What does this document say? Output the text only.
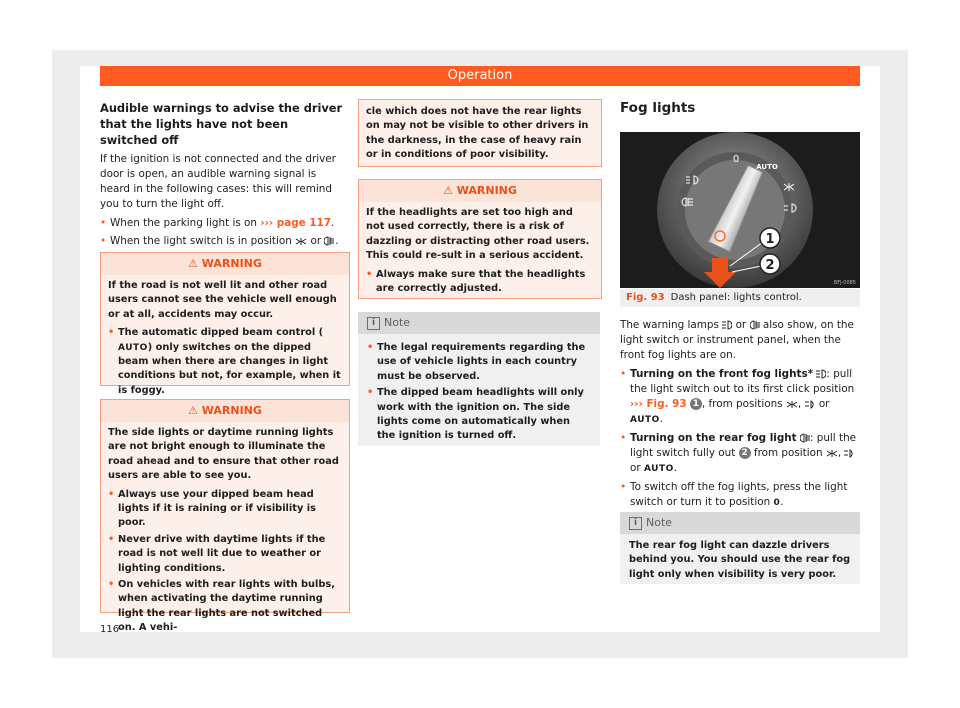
Operation
Audible warnings to advise the driver that the lights have not been switched off

If the ignition is not connected and the driver door is open, an audible warning signal is heard in the following cases: this will remind you to turn the light off.

• When the parking light is on ››› page 117.
• When the light switch is in position or .
⚠ WARNING

If the road is not well lit and other road users cannot see the vehicle well enough or at all, accidents may occur.

• The automatic dipped beam control (AUTO) only switches on the dipped beam when there are changes in light conditions but not, for example, when it is foggy.
⚠ WARNING

The side lights or daytime running lights are not bright enough to illuminate the road ahead and to ensure that other road users are able to see you.

• Always use your dipped beam head lights if it is raining or if visibility is poor.
• Never drive with daytime lights if the road is not well lit due to weather or lighting conditions.
• On vehicles with rear lights with bulbs, when activating the daytime running light the rear lights are not switched on. A vehi-

cle which does not have the rear lights on may not be visible to other drivers in the darkness, in the case of heavy rain or in conditions of poor visibility.

⚠ WARNING

If the headlights are set too high and not used correctly, there is a risk of dazzling or distracting other road users. This could re-sult in a serious accident.

• Always make sure that the headlights are correctly adjusted.
i Note
• The legal requirements regarding the use of vehicle lights in each country must be observed.
• The dipped beam headlights will only work with the ignition on. The side lights come on automatically when the ignition is turned off.
Fog lights
1
2
0
AUTO
BFJ-0085
Fig. 93 Dash panel: lights control.

The warning lamps or also show, on the light switch or instrument panel, when the front fog lights are on.

• Turning on the front fog lights* : pull the light switch out to its first click position ››› Fig. 93 1 , from positions ,  or AUTO.
• Turning on the rear fog light : pull the light switch fully out 2 from position ,  or AUTO.
• To switch off the fog lights, press the light switch or turn it to position 0.
i Note

The rear fog light can dazzle drivers behind you. You should use the rear fog light only when visibility is very poor.

116
